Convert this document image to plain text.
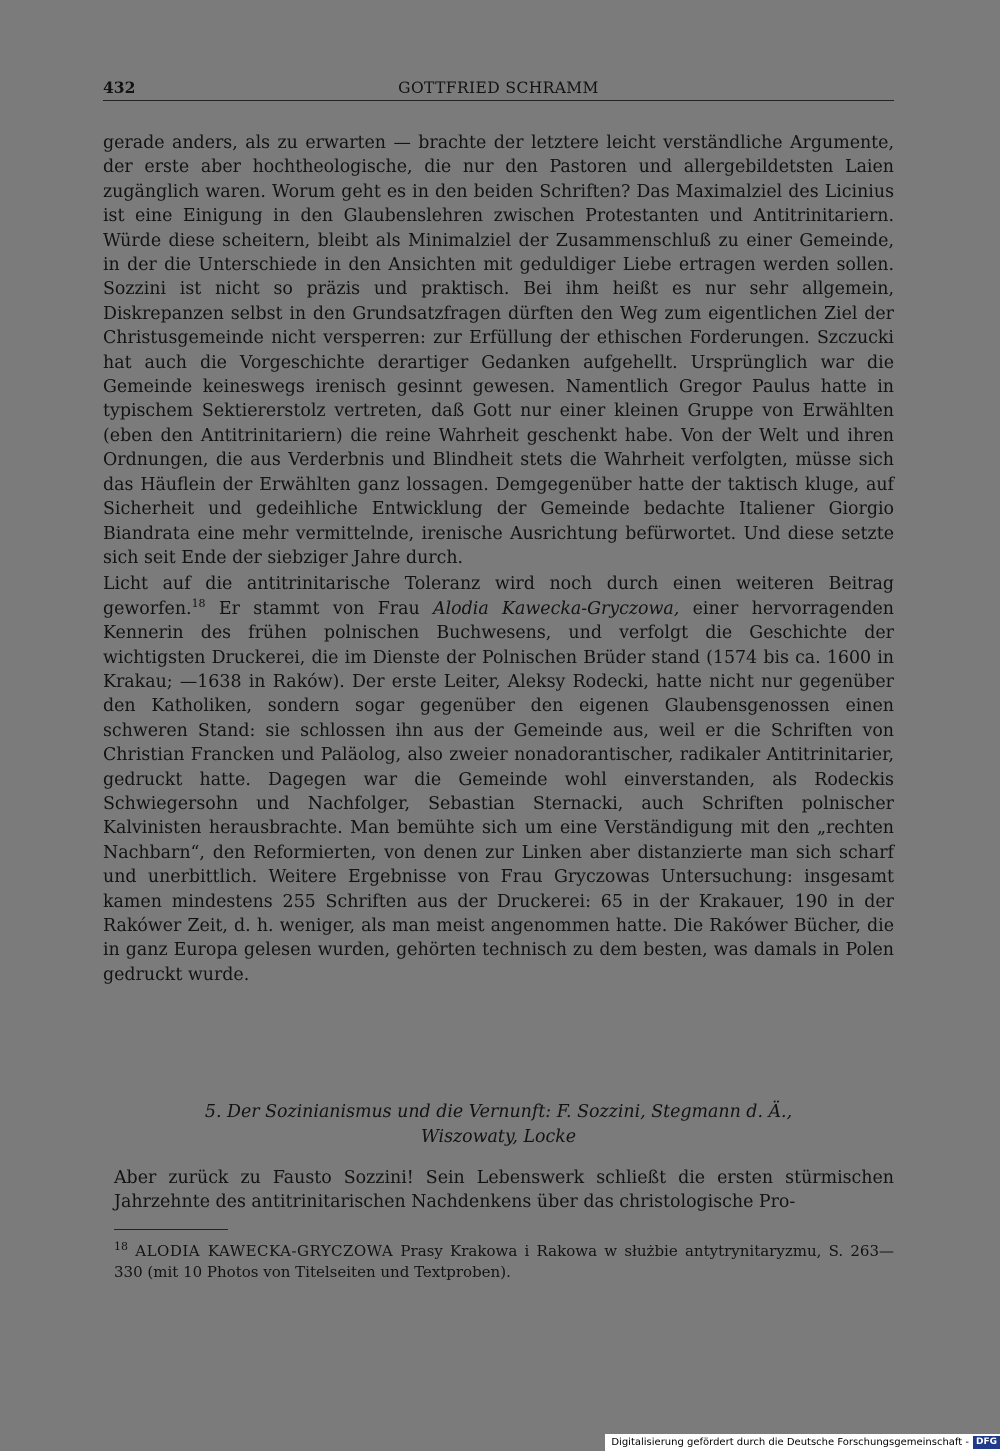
432	GOTTFRIED SCHRAMM

gerade anders, als zu erwarten — brachte der letztere leicht verständliche Argumente, der erste aber hochtheologische, die nur den Pastoren und allergebildetsten Laien zugänglich waren. Worum geht es in den beiden Schriften? Das Maximalziel des Licinius ist eine Einigung in den Glaubenslehren zwischen Protestanten und Antitrinitariern. Würde diese scheitern, bleibt als Minimalziel der Zusammenschluß zu einer Gemeinde, in der die Unterschiede in den Ansichten mit geduldiger Liebe ertragen werden sollen. Sozzini ist nicht so präzis und praktisch. Bei ihm heißt es nur sehr allgemein, Diskrepanzen selbst in den Grundsatzfragen dürften den Weg zum eigentlichen Ziel der Christusgemeinde nicht versperren: zur Erfüllung der ethischen Forderungen. Szczucki hat auch die Vorgeschichte derartiger Gedanken aufgehellt. Ursprünglich war die Gemeinde keineswegs irenisch gesinnt gewesen. Namentlich Gregor Paulus hatte in typischem Sektiererstolz vertreten, daß Gott nur einer kleinen Gruppe von Erwählten (eben den Antitrinitariern) die reine Wahrheit geschenkt habe. Von der Welt und ihren Ordnungen, die aus Verderbnis und Blindheit stets die Wahrheit verfolgten, müsse sich das Häuflein der Erwählten ganz lossagen. Demgegenüber hatte der taktisch kluge, auf Sicherheit und gedeihliche Entwicklung der Gemeinde bedachte Italiener Giorgio Biandrata eine mehr vermittelnde, irenische Ausrichtung befürwortet. Und diese setzte sich seit Ende der siebziger Jahre durch.

Licht auf die antitrinitarische Toleranz wird noch durch einen weiteren Beitrag geworfen.$^{18}$ Er stammt von Frau Alodia Kawecka-Gryczowa, einer hervorragenden Kennerin des frühen polnischen Buchwesens, und verfolgt die Geschichte der wichtigsten Druckerei, die im Dienste der Polnischen Brüder stand (1574 bis ca. 1600 in Krakau; —1638 in Raków). Der erste Leiter, Aleksy Rodecki, hatte nicht nur gegenüber den Katholiken, sondern sogar gegenüber den eigenen Glaubensgenossen einen schweren Stand: sie schlossen ihn aus der Gemeinde aus, weil er die Schriften von Christian Francken und Paläolog, also zweier nonadorantischer, radikaler Antitrinitarier, gedruckt hatte. Dagegen war die Gemeinde wohl einverstanden, als Rodeckis Schwiegersohn und Nachfolger, Sebastian Sternacki, auch Schriften polnischer Kalvinisten herausbrachte. Man bemühte sich um eine Verständigung mit den „rechten Nachbarn“, den Reformierten, von denen zur Linken aber distanzierte man sich scharf und unerbittlich. Weitere Ergebnisse von Frau Gryczowas Untersuchung: insgesamt kamen mindestens 255 Schriften aus der Druckerei: 65 in der Krakauer, 190 in der Rakówer Zeit, d. h. weniger, als man meist angenommen hatte. Die Rakówer Bücher, die in ganz Europa gelesen wurden, gehörten technisch zu dem besten, was damals in Polen gedruckt wurde.

5. Der Sozinianismus und die Vernunft: F. Sozzini, Stegmann d. Ä.,
Wiszowaty, Locke
Aber zurück zu Fausto Sozzini! Sein Lebenswerk schließt die ersten stürmischen Jahrzehnte des antitrinitarischen Nachdenkens über das christologische Pro-
$^{18}$ ALODIA KAWECKA-GRYCZOWA Prasy Krakowa i Rakowa w służbie antytrynitaryzmu, S. 263—330 (mit 10 Photos von Titelseiten und Textproben).
Digitalisierung gefördert durch die Deutsche Forschungsgemeinschaft - DFG
